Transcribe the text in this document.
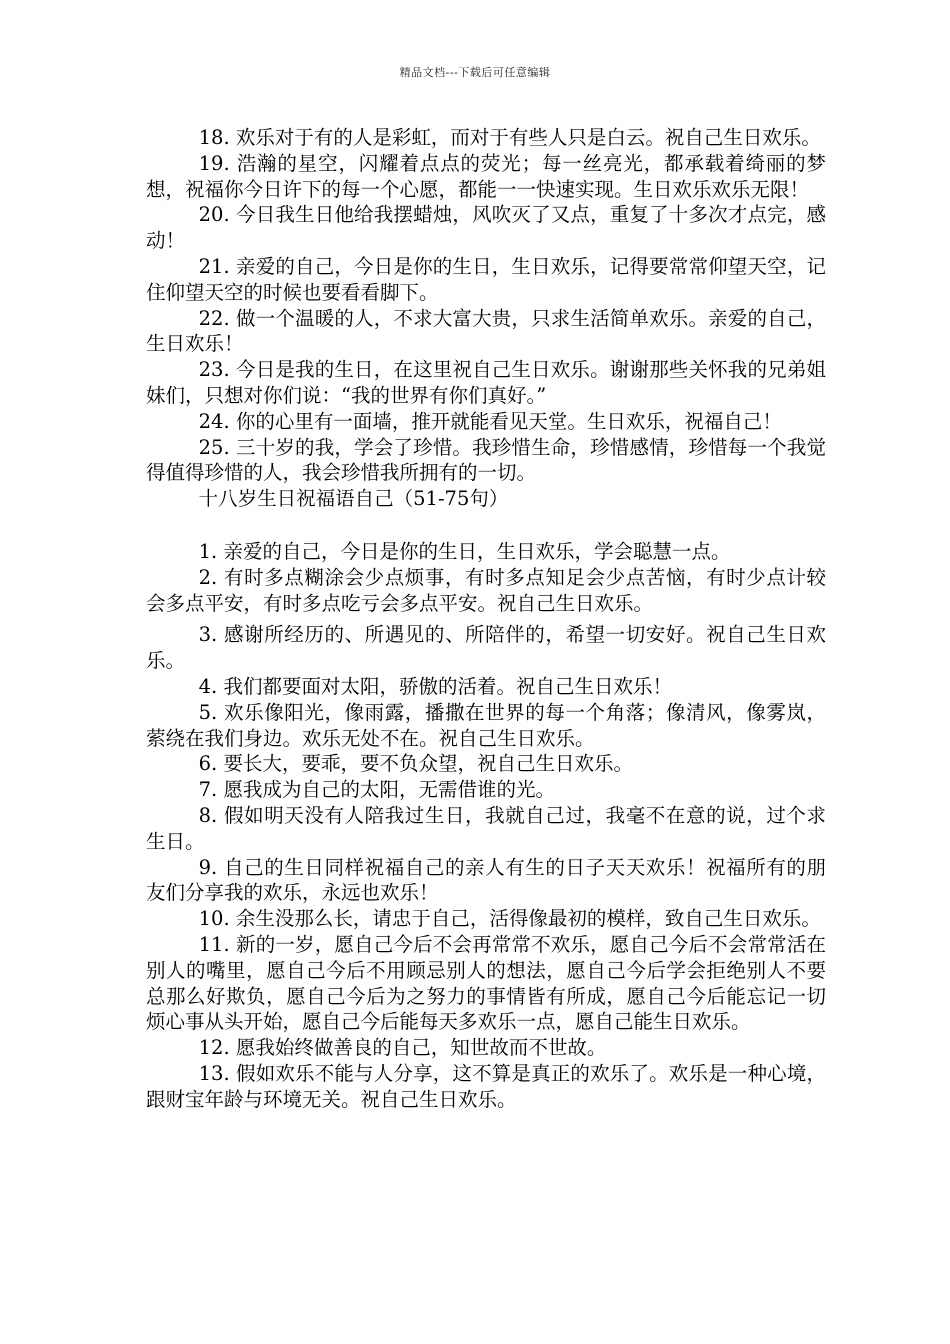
精品文档---下载后可任意编辑

18. 欢乐对于有的人是彩虹，而对于有些人只是白云。祝自己生日欢乐。

19. 浩瀚的星空，闪耀着点点的荧光；每一丝亮光，都承载着绮丽的梦想，祝福你今日许下的每一个心愿，都能一一快速实现。生日欢乐欢乐无限！

20. 今日我生日他给我摆蜡烛，风吹灭了又点，重复了十多次才点完，感动！

21. 亲爱的自己，今日是你的生日，生日欢乐，记得要常常仰望天空，记住仰望天空的时候也要看看脚下。

22. 做一个温暖的人，不求大富大贵，只求生活简单欢乐。亲爱的自己，生日欢乐！

23. 今日是我的生日，在这里祝自己生日欢乐。谢谢那些关怀我的兄弟姐妹们，只想对你们说：“我的世界有你们真好。”

24. 你的心里有一面墙，推开就能看见天堂。生日欢乐，祝福自己！

25. 三十岁的我，学会了珍惜。我珍惜生命，珍惜感情，珍惜每一个我觉得值得珍惜的人，我会珍惜我所拥有的一切。

十八岁生日祝福语自己（51-75句）

1. 亲爱的自己，今日是你的生日，生日欢乐，学会聪慧一点。

2. 有时多点糊涂会少点烦事，有时多点知足会少点苦恼，有时少点计较会多点平安，有时多点吃亏会多点平安。祝自己生日欢乐。

3. 感谢所经历的、所遇见的、所陪伴的，希望一切安好。祝自己生日欢乐。

4. 我们都要面对太阳，骄傲的活着。祝自己生日欢乐！

5. 欢乐像阳光，像雨露，播撒在世界的每一个角落；像清风，像雾岚，萦绕在我们身边。欢乐无处不在。祝自己生日欢乐。

6. 要长大，要乖，要不负众望，祝自己生日欢乐。

7. 愿我成为自己的太阳，无需借谁的光。

8. 假如明天没有人陪我过生日，我就自己过，我毫不在意的说，过个求生日。

9. 自己的生日同样祝福自己的亲人有生的日子天天欢乐！祝福所有的朋友们分享我的欢乐，永远也欢乐！

10. 余生没那么长，请忠于自己，活得像最初的模样，致自己生日欢乐。

11. 新的一岁，愿自己今后不会再常常不欢乐，愿自己今后不会常常活在别人的嘴里，愿自己今后不用顾忌别人的想法，愿自己今后学会拒绝别人不要总那么好欺负，愿自己今后为之努力的事情皆有所成，愿自己今后能忘记一切烦心事从头开始，愿自己今后能每天多欢乐一点，愿自己能生日欢乐。

12. 愿我始终做善良的自己，知世故而不世故。

13. 假如欢乐不能与人分享，这不算是真正的欢乐了。欢乐是一种心境，跟财宝年龄与环境无关。祝自己生日欢乐。
